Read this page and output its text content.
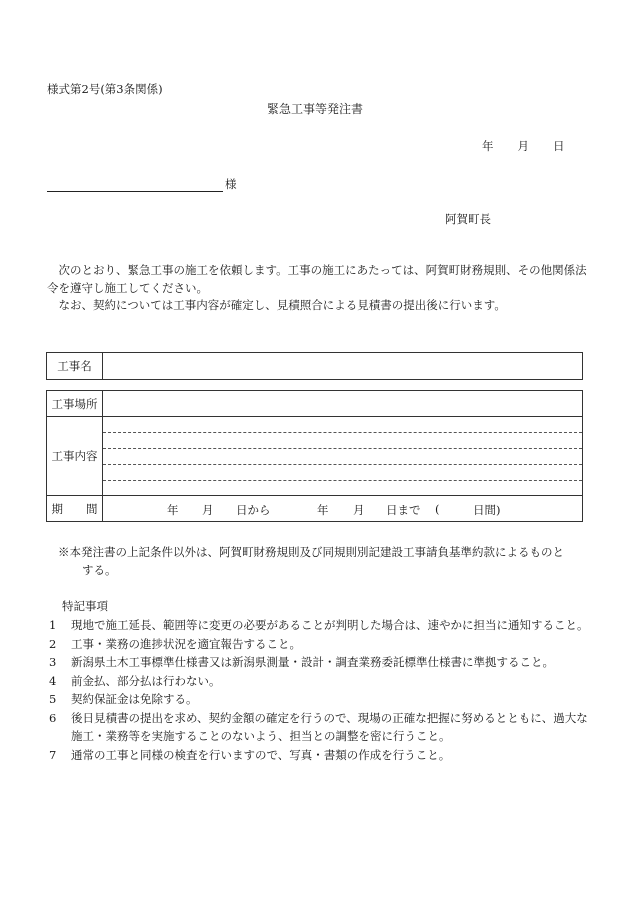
様式第2号(第3条関係)
緊急工事等発注書
年 月 日
様
阿賀町長

次のとおり、緊急工事の施工を依頼します。工事の施工にあたっては、阿賀町財務規則、その他関係法令を遵守し施工してください。

なお、契約については工事内容が確定し、見積照合による見積書の提出後に行います。

工事名
工事場所
工事内容
期　　間	年 月 日から	年 月 日まで (	日間)
※本発注書の上記条件以外は、阿賀町財務規則及び同規則別記建設工事請負基準約款によるものと
する。
特記事項
1 現地で施工延長、範囲等に変更の必要があることが判明した場合は、速やかに担当に通知すること。
2 工事・業務の進捗状況を適宜報告すること。
3 新潟県土木工事標準仕様書又は新潟県測量・設計・調査業務委託標準仕様書に準拠すること。
4 前金払、部分払は行わない。
5 契約保証金は免除する。
6 後日見積書の提出を求め、契約金額の確定を行うので、現場の正確な把握に努めるとともに、過大な施工・業務等を実施することのないよう、担当との調整を密に行うこと。
7 通常の工事と同様の検査を行いますので、写真・書類の作成を行うこと。
